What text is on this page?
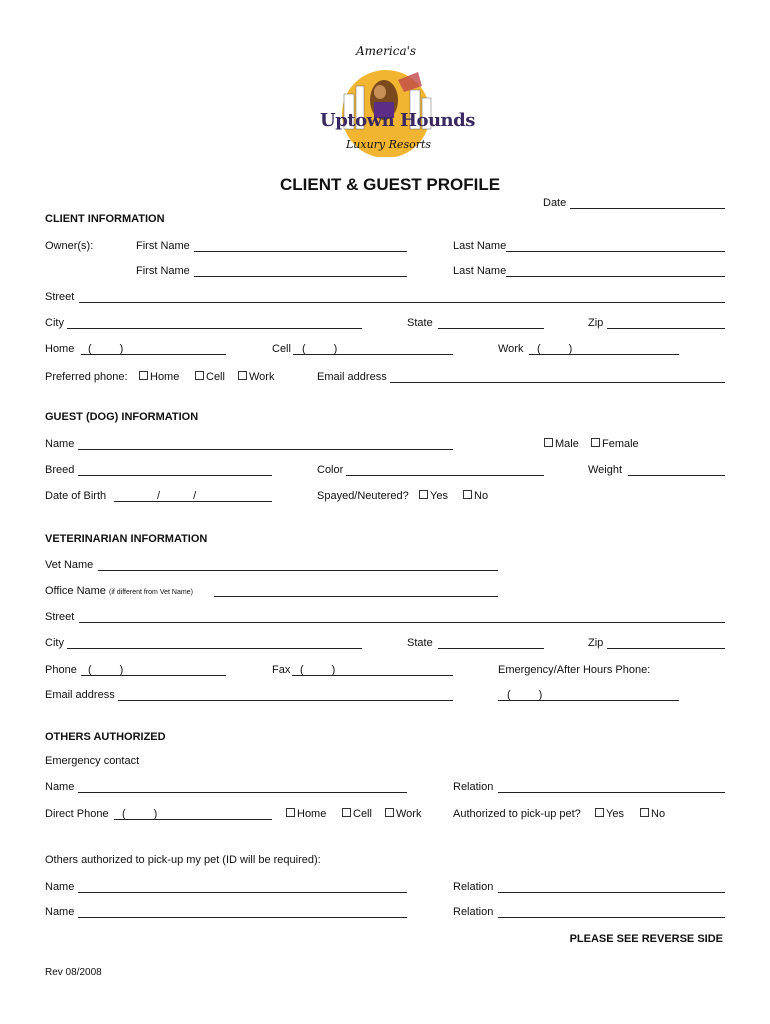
America's
Uptown Hounds
Luxury Resorts
CLIENT & GUEST PROFILE
Date
CLIENT INFORMATION
Owner(s):	First Name	Last Name
First Name	Last Name
Street
City	State	Zip
Home (	)	Cell (	)	Work (	)
Preferred phone:	Home	Cell	Work	Email address
GUEST (DOG) INFORMATION
Name	Male	Female
Breed	Color	Weight
Date of Birth	/	/	Spayed/Neutered?	Yes	No
VETERINARIAN INFORMATION
Vet Name
Office Name (if different from Vet Name)
Street
City	State	Zip
Phone (	)	Fax (	)	Emergency/After Hours Phone:
Email address	(	)
OTHERS AUTHORIZED
Emergency contact
Name	Relation
Direct Phone (	)	Home	Cell	Work	Authorized to pick-up pet?	Yes	No
Others authorized to pick-up my pet (ID will be required):
Name	Relation
Name	Relation
PLEASE SEE REVERSE SIDE
Rev 08/2008
